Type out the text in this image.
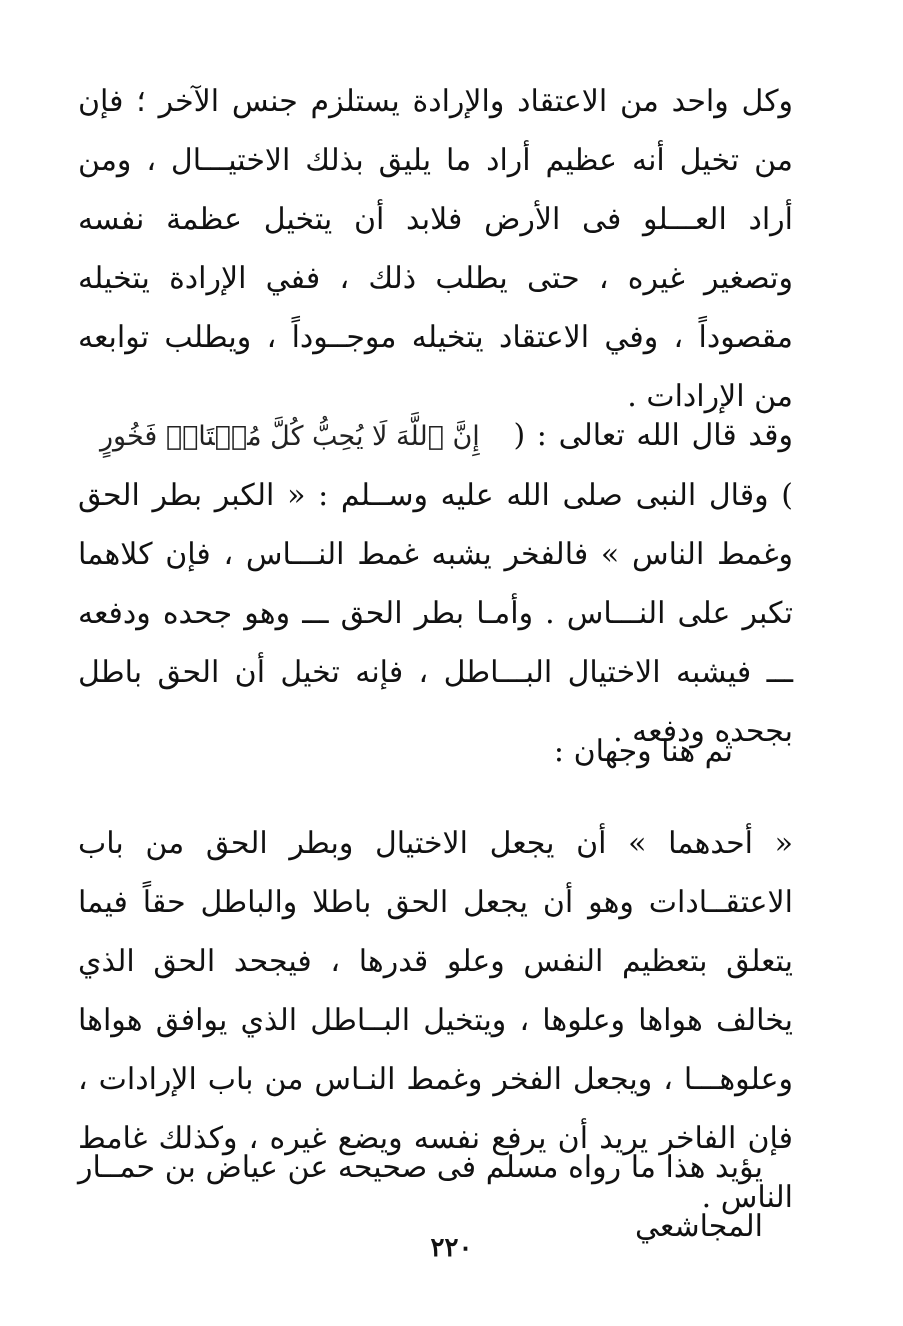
وكل واحد من الاعتقاد والإرادة يستلزم جنس الآخر ؛ فإن من تخيل أنه عظيم أراد ما يليق بذلك الاختيـــال ، ومن أراد العـــلو فى الأرض فلابد أن يتخيل عظمة نفسه وتصغير غيره ، حتى يطلب ذلك ، ففي الإرادة يتخيله مقصوداً ، وفي الاعتقاد يتخيله موجــوداً ، ويطلب توابعه من الإرادات .

وقد قال الله تعالى : ( إِنَّ ٱللَّهَ لَا يُحِبُّ كُلَّ مُخۡتَالٖ فَخُورٍ ) وقال النبى صلى الله عليه وســلم : « الكبر بطر الحق وغمط الناس » فالفخر يشبه غمط النـــاس ، فإن كلاهما تكبر على النـــاس . وأمـا بطر الحق ـــ وهو جحده ودفعه ـــ فيشبه الاختيال البـــاطل ، فإنه تخيل أن الحق باطل بجحده ودفعه .

ثم هنا وجهان :

« أحدهما » أن يجعل الاختيال وبطر الحق من باب الاعتقــادات وهو أن يجعل الحق باطلا والباطل حقاً فيما يتعلق بتعظيم النفس وعلو قدرها ، فيجحد الحق الذي يخالف هواها وعلوها ، ويتخيل البــاطل الذي يوافق هواها وعلوهـــا ، ويجعل الفخر وغمط النـاس من باب الإرادات ، فإن الفاخر يريد أن يرفع نفسه ويضع غيره ، وكذلك غامط الناس .

يؤيد هذا ما رواه مسلم فى صحيحه عن عياض بن حمــار المجاشعي

٢٢٠
